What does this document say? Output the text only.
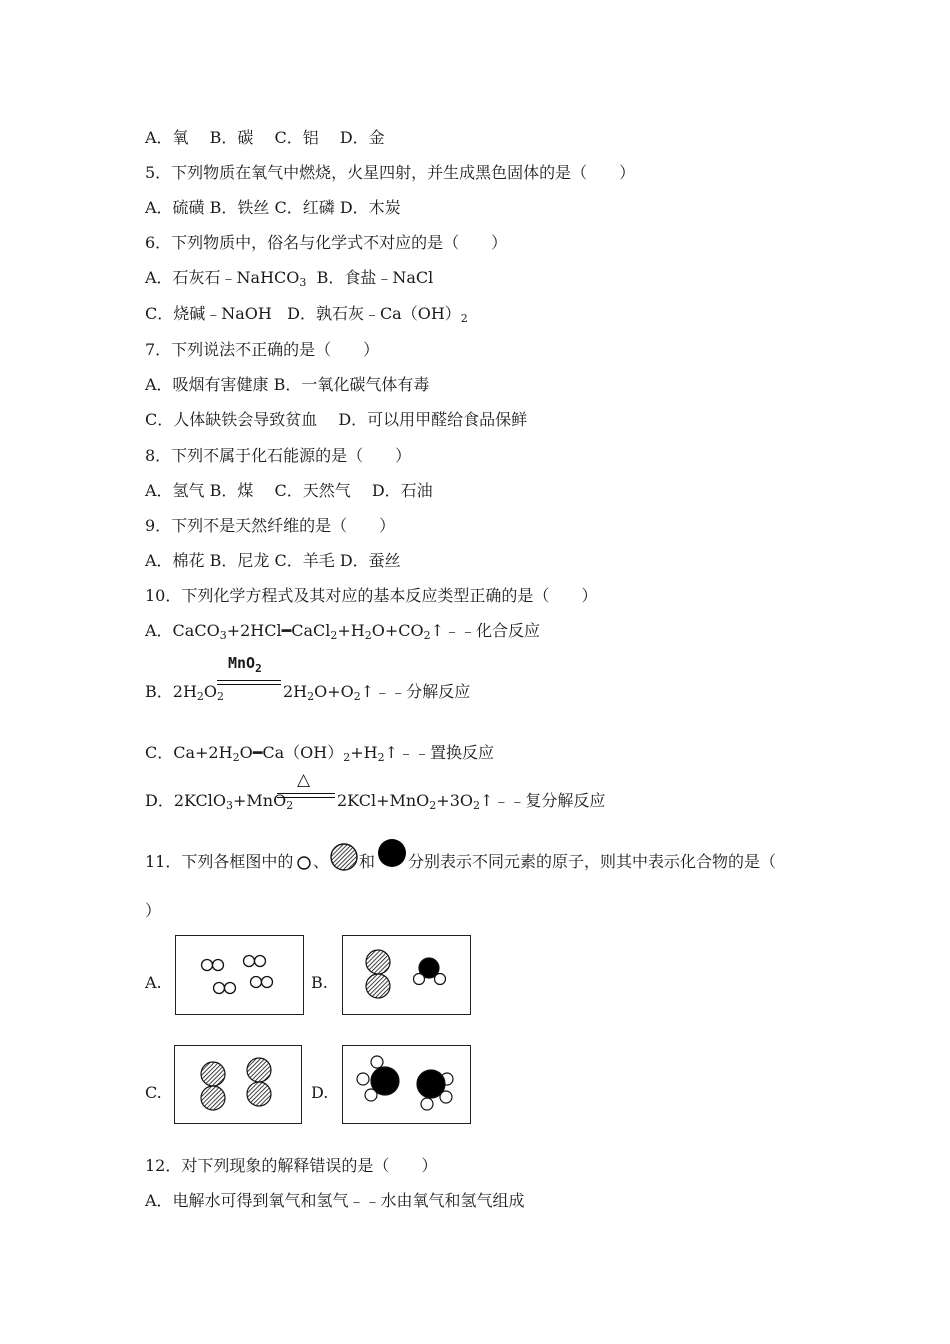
A．氧　 B．碳　 C．铝　 D．金
5．下列物质在氧气中燃烧，火星四射，并生成黑色固体的是（　　）
A．硫磺 B．铁丝 C．红磷 D．木炭
6．下列物质中，俗名与化学式不对应的是（　　）
A．石灰石﹣NaHCO$_3$  B．食盐﹣NaCl
C．烧碱﹣NaOH   D．孰石灰$﹣Ca(OH)_2$
7．下列说法不正确的是（　　）
A．吸烟有害健康 B．一氧化碳气体有毒
C．人体缺铁会导致贫血　 D．可以用甲醛给食品保鲜
8．下列不属于化石能源的是（　　）
A．氢气 B．煤　 C．天然气　 D．石油
9．下列不是天然纤维的是（　　）
A．棉花 B．尼龙 C．羊毛 D．蚕丝
10．下列化学方程式及其对应的基本反应类型正确的是（　　）
A．$CaCO_3+2HCl━CaCl_2+H_2O+CO_2↑﹣﹣$化合反应
B．$2H_2O_2$
MnO$_2$
$2H_2O+O_2↑﹣﹣$分解反应
C．$Ca+2H_2O━Ca(OH)_2+H_2↑﹣﹣$置换反应
D．2KClO$_3$+MnO$_2$
△
$2KCl+MnO_2+3O_2↑﹣﹣$复分解反应
11．下列各框图中的 、 和 分别表示不同元素的原子，则其中表示化合物的是（
）
A.	B.
C.	D.
12．对下列现象的解释错误的是（　　）
A．电解水可得到氧气和氢气﹣﹣水由氧气和氢气组成
